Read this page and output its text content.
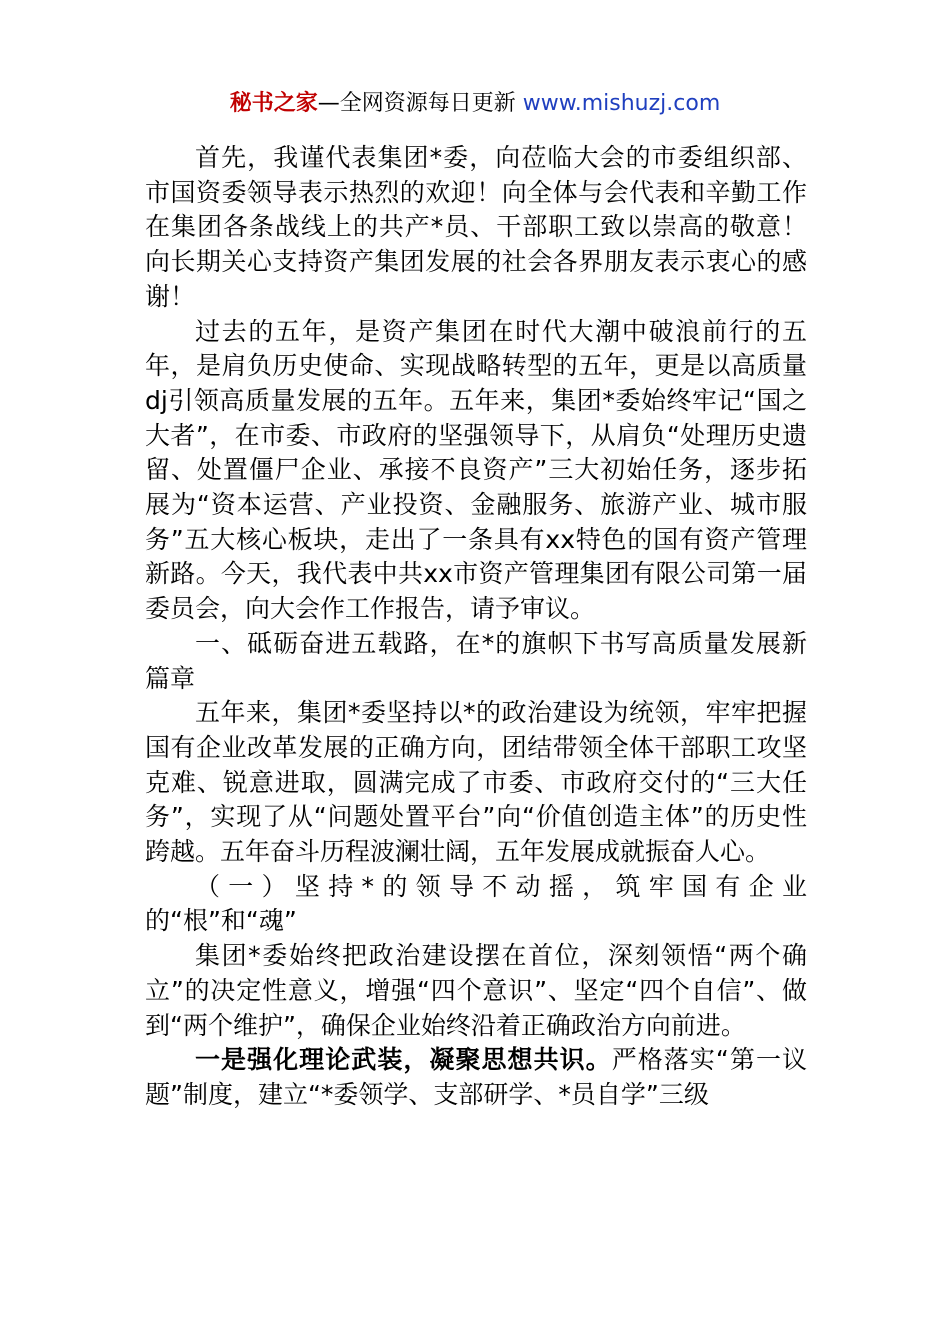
秘书之家—全网资源每日更新 www.mishuzj.com

首先，我谨代表集团*委，向莅临大会的市委组织部、市国资委领导表示热烈的欢迎！向全体与会代表和辛勤工作在集团各条战线上的共产*员、干部职工致以崇高的敬意！向长期关心支持资产集团发展的社会各界朋友表示衷心的感谢！

过去的五年，是资产集团在时代大潮中破浪前行的五年，是肩负历史使命、实现战略转型的五年，更是以高质量dj引领高质量发展的五年。五年来，集团*委始终牢记“国之大者”，在市委、市政府的坚强领导下，从肩负“处理历史遗留、处置僵尸企业、承接不良资产”三大初始任务，逐步拓展为“资本运营、产业投资、金融服务、旅游产业、城市服务”五大核心板块，走出了一条具有xx特色的国有资产管理新路。今天，我代表中共xx市资产管理集团有限公司第一届委员会，向大会作工作报告，请予审议。

一、砥砺奋进五载路，在*的旗帜下书写高质量发展新篇章

五年来，集团*委坚持以*的政治建设为统领，牢牢把握国有企业改革发展的正确方向，团结带领全体干部职工攻坚克难、锐意进取，圆满完成了市委、市政府交付的“三大任务”，实现了从“问题处置平台”向“价值创造主体”的历史性跨越。五年奋斗历程波澜壮阔，五年发展成就振奋人心。

（一）坚持*的领导不动摇，筑牢国有企业的“根”和“魂”

集团*委始终把政治建设摆在首位，深刻领悟“两个确立”的决定性意义，增强“四个意识”、坚定“四个自信”、做到“两个维护”，确保企业始终沿着正确政治方向前进。

一是强化理论武装，凝聚思想共识。严格落实“第一议题”制度，建立“*委领学、支部研学、*员自学”三级
